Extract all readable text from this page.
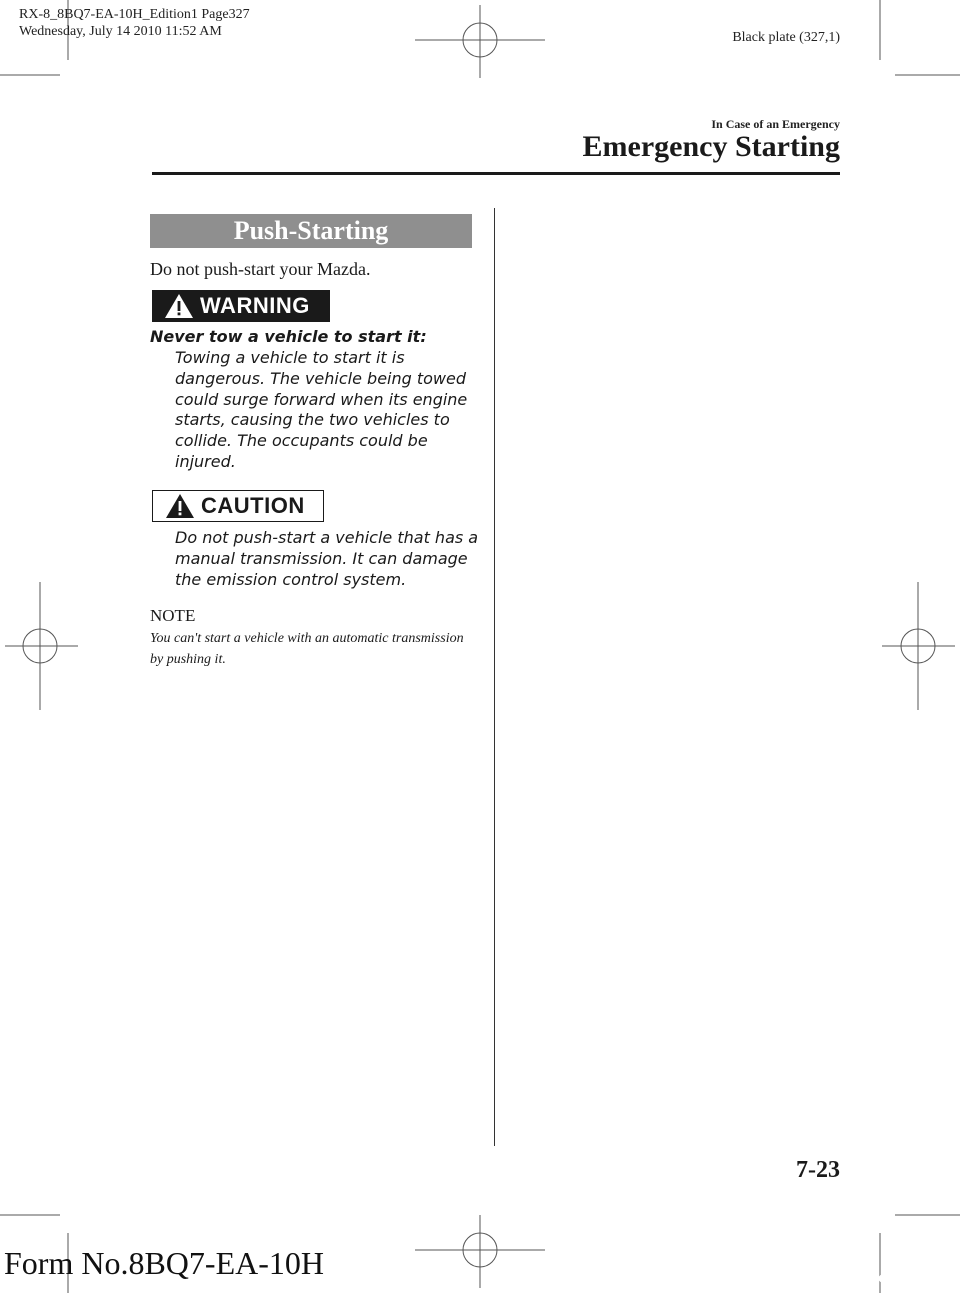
RX-8_8BQ7-EA-10H_Edition1 Page327
Wednesday, July 14 2010 11:52 AM	Black plate (327,1)
In Case of an Emergency
Emergency Starting
Push-Starting
Do not push-start your Mazda.
WARNING
Never tow a vehicle to start it:
Towing a vehicle to start it is dangerous. The vehicle being towed could surge forward when its engine starts, causing the two vehicles to collide. The occupants could be injured.
CAUTION
Do not push-start a vehicle that has a manual transmission. It can damage the emission control system.
NOTE
You can't start a vehicle with an automatic transmission by pushing it.
7-23
Form No.8BQ7-EA-10H	carmanualsonline.info
